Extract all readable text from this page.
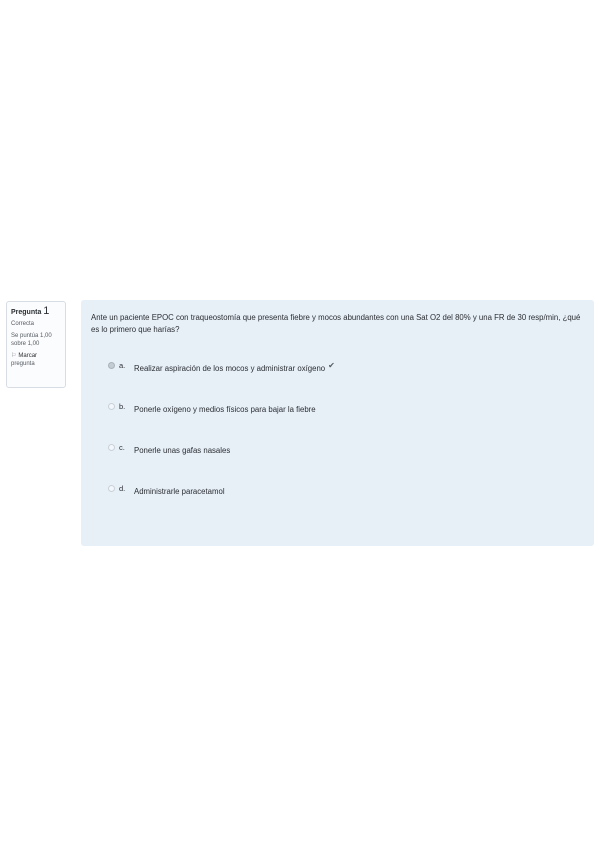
Pregunta 1
Correcta
Se puntúa 1,00
sobre 1,00
⚐ Marcar
pregunta
Ante un paciente EPOC con traqueostomía que presenta fiebre y mocos abundantes con una Sat O2 del 80% y una FR de 30 resp/min, ¿qué es lo primero que harías?
a.	Realizar aspiración de los mocos y administrar oxígeno ✔
b.	Ponerle oxígeno y medios físicos para bajar la fiebre
c.	Ponerle unas gafas nasales
d.	Administrarle paracetamol
